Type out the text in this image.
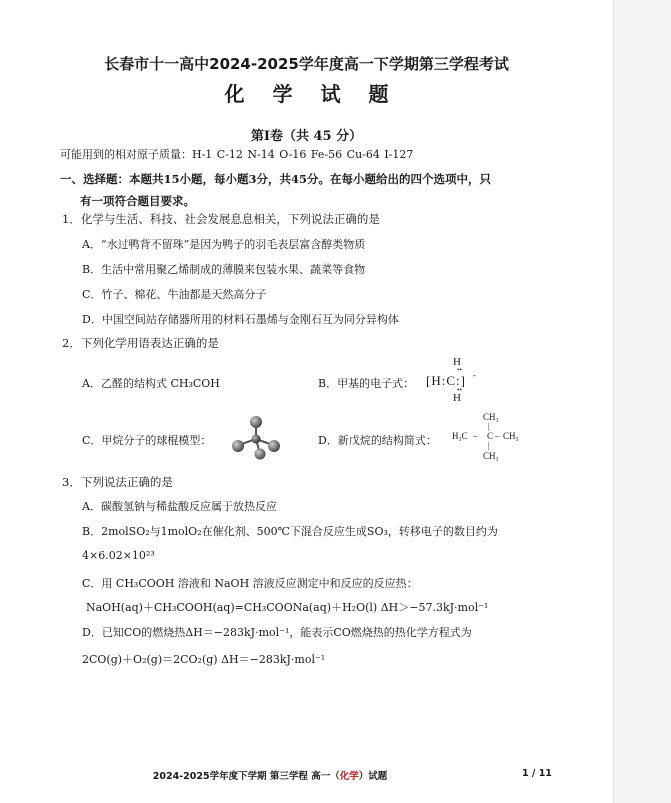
长春市十一高中2024-2025学年度高一下学期第三学程考试
化学试题
第Ⅰ卷（共 45 分）
可能用到的相对原子质量：H-1 C-12 N-14 O-16 Fe-56 Cu-64 I-127
一、选择题：本题共15小题，每小题3分，共45分。在每小题给出的四个选项中，只
有一项符合题目要求。
1．化学与生活、科技、社会发展息息相关，下列说法正确的是
A．“水过鸭背不留珠”是因为鸭子的羽毛表层富含醇类物质
B．生活中常用聚乙烯制成的薄膜来包装水果、蔬菜等食物
C．竹子、棉花、牛油都是天然高分子
D．中国空间站存储器所用的材料石墨烯与金刚石互为同分异构体
2．下列化学用语表达正确的是
A．乙醛的结构式 CH₃COH	B．甲基的电子式：
H
••
[H:C:] -
••
H
C．甲烷分子的球棍模型：	D．新戊烷的结构简式：
CH₃
|
H₃C – C – CH₃
|
CH₃
3．下列说法正确的是
A．碳酸氢钠与稀盐酸反应属于放热反应
B．2molSO₂与1molO₂在催化剂、500℃下混合反应生成SO₃，转移电子的数目约为
4×6.02×10²³
C．用 CH₃COOH 溶液和 NaOH 溶液反应测定中和反应的反应热：
NaOH(aq)＋CH₃COOH(aq)=CH₃COONa(aq)＋H₂O(l) ΔH＞−57.3kJ·mol⁻¹
D．已知CO的燃烧热ΔH＝−283kJ·mol⁻¹，能表示CO燃烧热的热化学方程式为
2CO(g)＋O₂(g)＝2CO₂(g) ΔH＝−283kJ·mol⁻¹
2024-2025学年度下学期 第三学程 高一（化学）试题	1 / 11
